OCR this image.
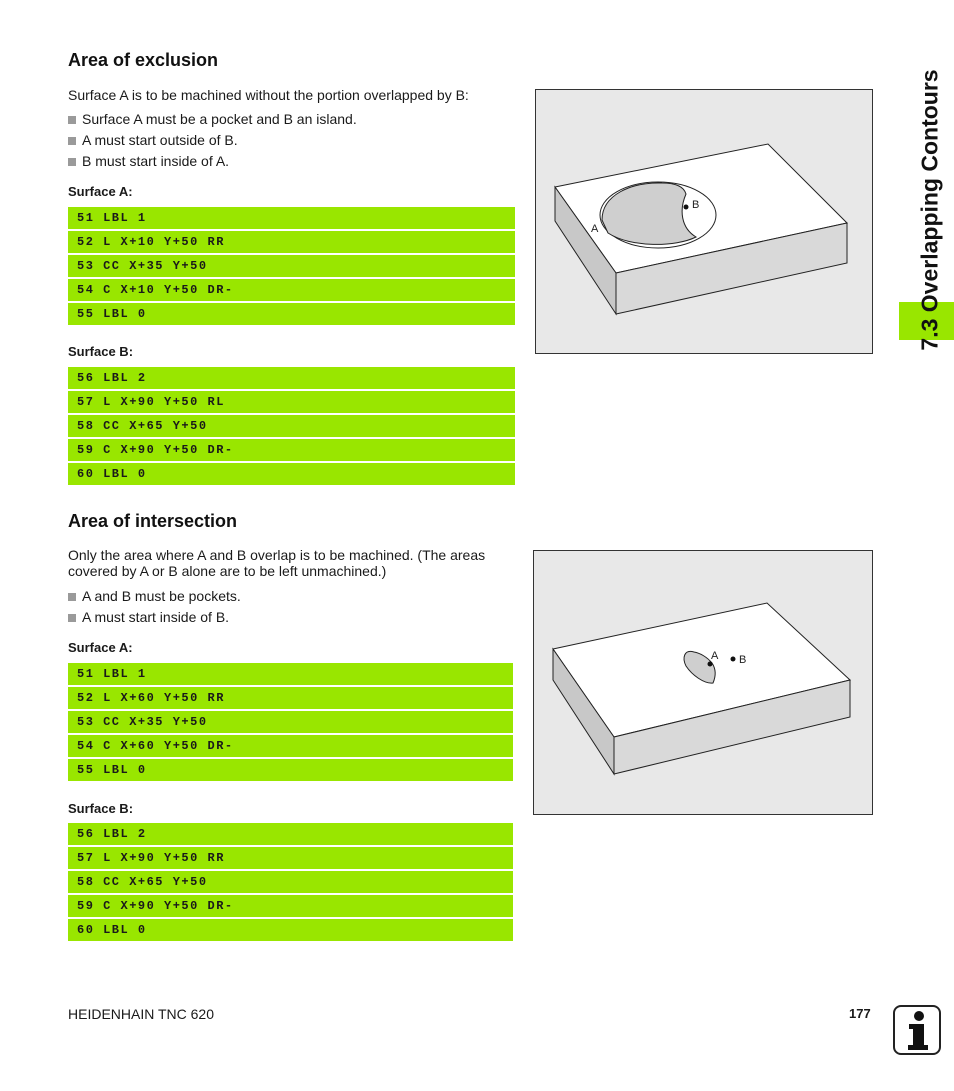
7.3 Overlapping Contours
Area of exclusion
Surface A is to be machined without the portion overlapped by B:
Surface A must be a pocket and B an island.
A must start outside of B.
B must start inside of A.
Surface A:
51 LBL 1
52 L X+10 Y+50 RR
53 CC X+35 Y+50
54 C X+10 Y+50 DR-
55 LBL 0
Surface B:
56 LBL 2
57 L X+90 Y+50 RL
58 CC X+65 Y+50
59 C X+90 Y+50 DR-
60 LBL 0
B
A
Area of intersection
Only the area where A and B overlap is to be machined. (The areas covered by A or B alone are to be left unmachined.)
A and B must be pockets.
A must start inside of B.
Surface A:
51 LBL 1
52 L X+60 Y+50 RR
53 CC X+35 Y+50
54 C X+60 Y+50 DR-
55 LBL 0
Surface B:
56 LBL 2
57 L X+90 Y+50 RR
58 CC X+65 Y+50
59 C X+90 Y+50 DR-
60 LBL 0
A B
HEIDENHAIN TNC 620	177
